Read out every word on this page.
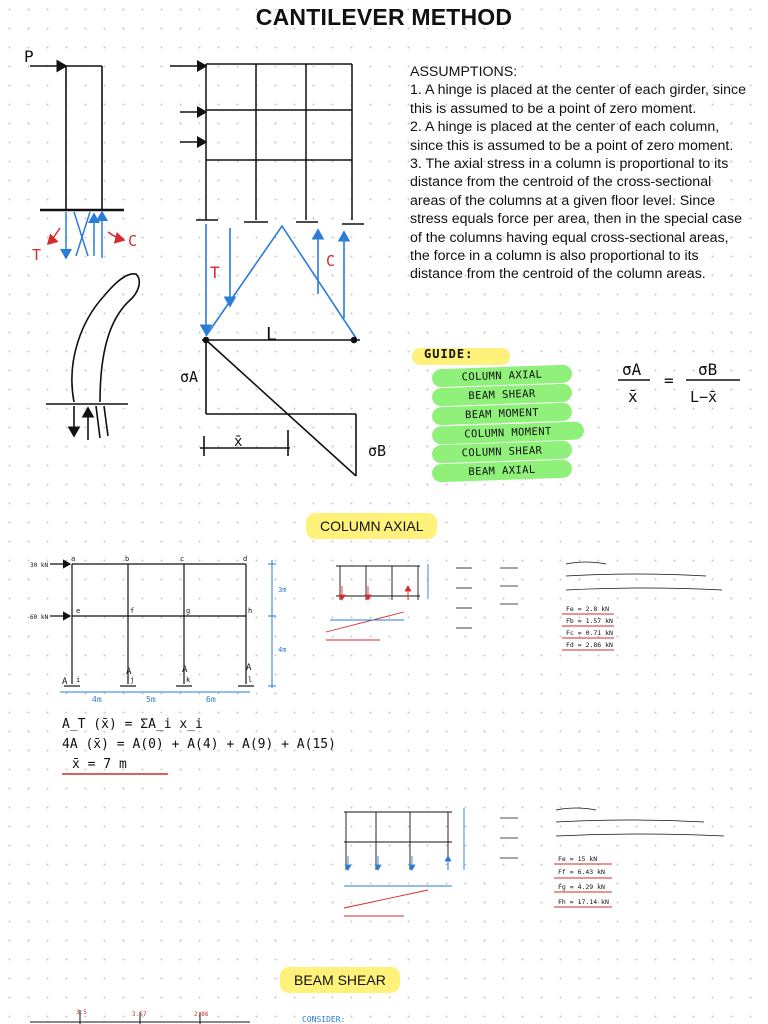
CANTILEVER METHOD
ASSUMPTIONS:
1. A hinge is placed at the center of each girder, since this is assumed to be a point of zero moment.
2. A hinge is placed at the center of each column, since this is assumed to be a point of zero moment.
3. The axial stress in a column is proportional to its distance from the centroid of the cross-sectional areas of the columns at a given floor level. Since stress equals force per area, then in the special case of the columns having equal cross-sectional areas, the force in a column is also proportional to its distance from the centroid of the column areas.
GUIDE:
COLUMN AXIAL
BEAM SHEAR
BEAM MOMENT
COLUMN MOMENT
COLUMN SHEAR
BEAM AXIAL
COLUMN AXIAL
BEAM SHEAR
P
T
C
T
C
L
σA
x̄	σB
σA
x̄
=
σB
L−x̄
30 kN
60 kN
a	b	c	d
e	f	g	h
i	j	k	l
A
A	A	A
4m	5m	6m
3m
4m
A_T (x̄) = ΣA_i x_i
4A (x̄) = A(0) + A(4) + A(9) + A(15)
x̄ = 7 m
Fe = 2.8 kN
Fb = 1.57 kN
Fc = 0.71 kN
Fd = 2.86 kN
Fe = 15 kN
Ff = 6.43 kN
Fg = 4.29 kN
Fh = 17.14 kN
3.5	3.57	2.86
CONSIDER:
